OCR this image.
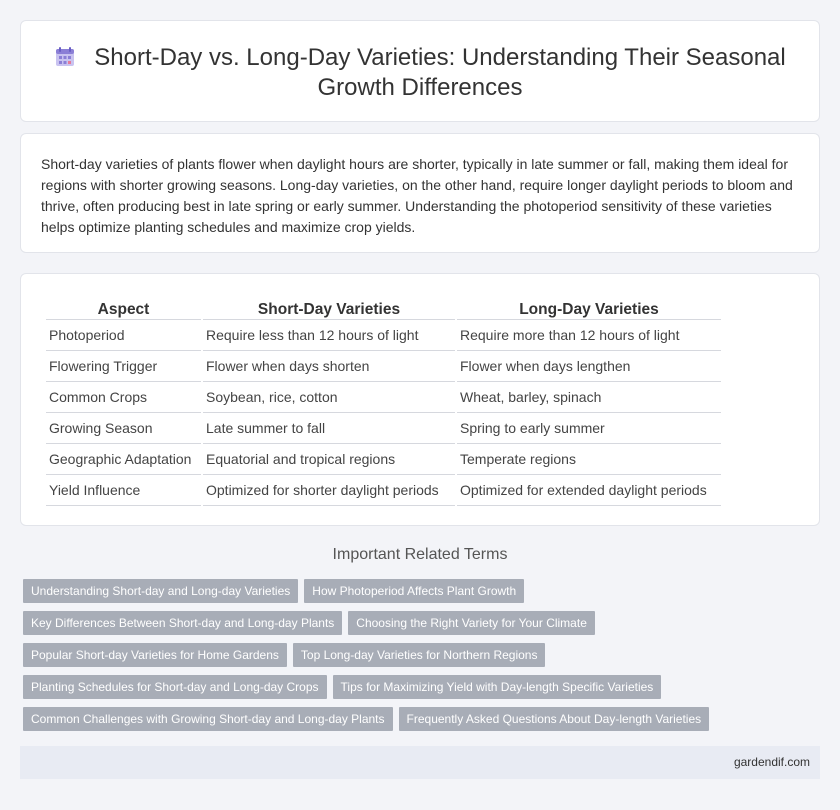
Short-Day vs. Long-Day Varieties: Understanding Their Seasonal
Growth Differences

Short-day varieties of plants flower when daylight hours are shorter, typically in late summer or fall, making them ideal for regions with shorter growing seasons. Long-day varieties, on the other hand, require longer daylight periods to bloom and thrive, often producing best in late spring or early summer. Understanding the photoperiod sensitivity of these varieties helps optimize planting schedules and maximize crop yields.

Aspect	Short-Day Varieties	Long-Day Varieties
Photoperiod	Require less than 12 hours of light	Require more than 12 hours of light
Flowering Trigger	Flower when days shorten	Flower when days lengthen
Common Crops	Soybean, rice, cotton	Wheat, barley, spinach
Growing Season	Late summer to fall	Spring to early summer
Geographic Adaptation	Equatorial and tropical regions	Temperate regions
Yield Influence	Optimized for shorter daylight periods	Optimized for extended daylight periods
Important Related Terms
Understanding Short-day and Long-day Varieties How Photoperiod Affects Plant Growth
Key Differences Between Short-day and Long-day Plants Choosing the Right Variety for Your Climate
Popular Short-day Varieties for Home Gardens Top Long-day Varieties for Northern Regions
Planting Schedules for Short-day and Long-day Crops Tips for Maximizing Yield with Day-length Specific Varieties
Common Challenges with Growing Short-day and Long-day Plants Frequently Asked Questions About Day-length Varieties
gardendif.com
